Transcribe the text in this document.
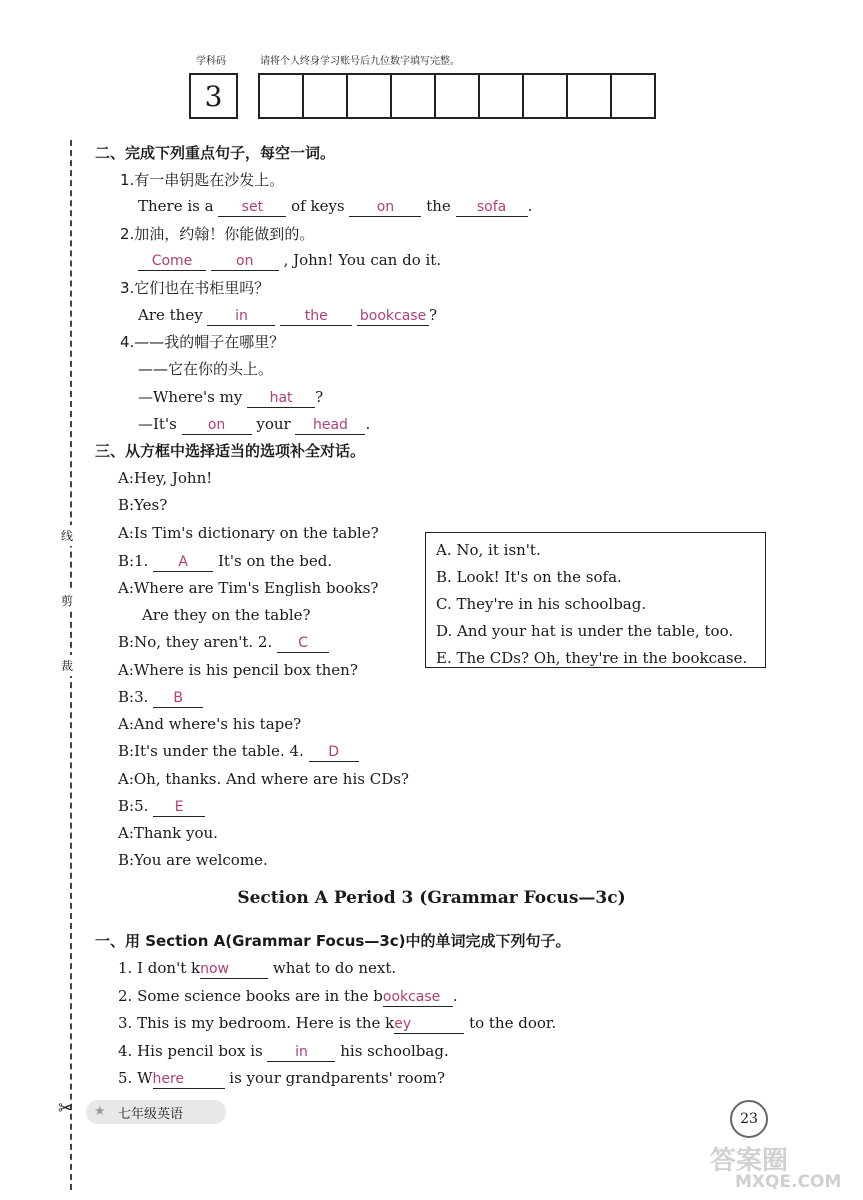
学科码	请将个人终身学习账号后九位数字填写完整。
3
线
剪
裁
✂
二、完成下列重点句子，每空一词。
1.有一串钥匙在沙发上。
There is a set of keys on the sofa .
2.加油，约翰！你能做到的。
Come	on , John! You can do it.
3.它们也在书柜里吗？
Are they in	the bookcase ?
4.——我的帽子在哪里？
——它在你的头上。
—Where's my hat ?
—It's on your head .
三、从方框中选择适当的选项补全对话。
A:Hey, John!
B:Yes?
A:Is Tim's dictionary on the table?
B:1. A It's on the bed.
A:Where are Tim's English books?
Are they on the table?
B:No, they aren't. 2. C
A:Where is his pencil box then?
B:3. B
A:And where's his tape?
B:It's under the table. 4. D
A:Oh, thanks. And where are his CDs?
B:5. E
A:Thank you.
B:You are welcome.
A. No, it isn't.
B. Look! It's on the sofa.
C. They're in his schoolbag.
D. And your hat is under the table, too.
E. The CDs? Oh, they're in the bookcase.
Section A Period 3 (Grammar Focus—3c)
一、用 Section A(Grammar Focus—3c)中的单词完成下列句子。
1. I don't know	what to do next.
2. Some science books are in the bookcase .
3. This is my bedroom. Here is the key	to the door.
4. His pencil box is in his schoolbag.
5. Where	is your grandparents' room?
★ 七年级英语	23
答案圈
MXQE.COM
